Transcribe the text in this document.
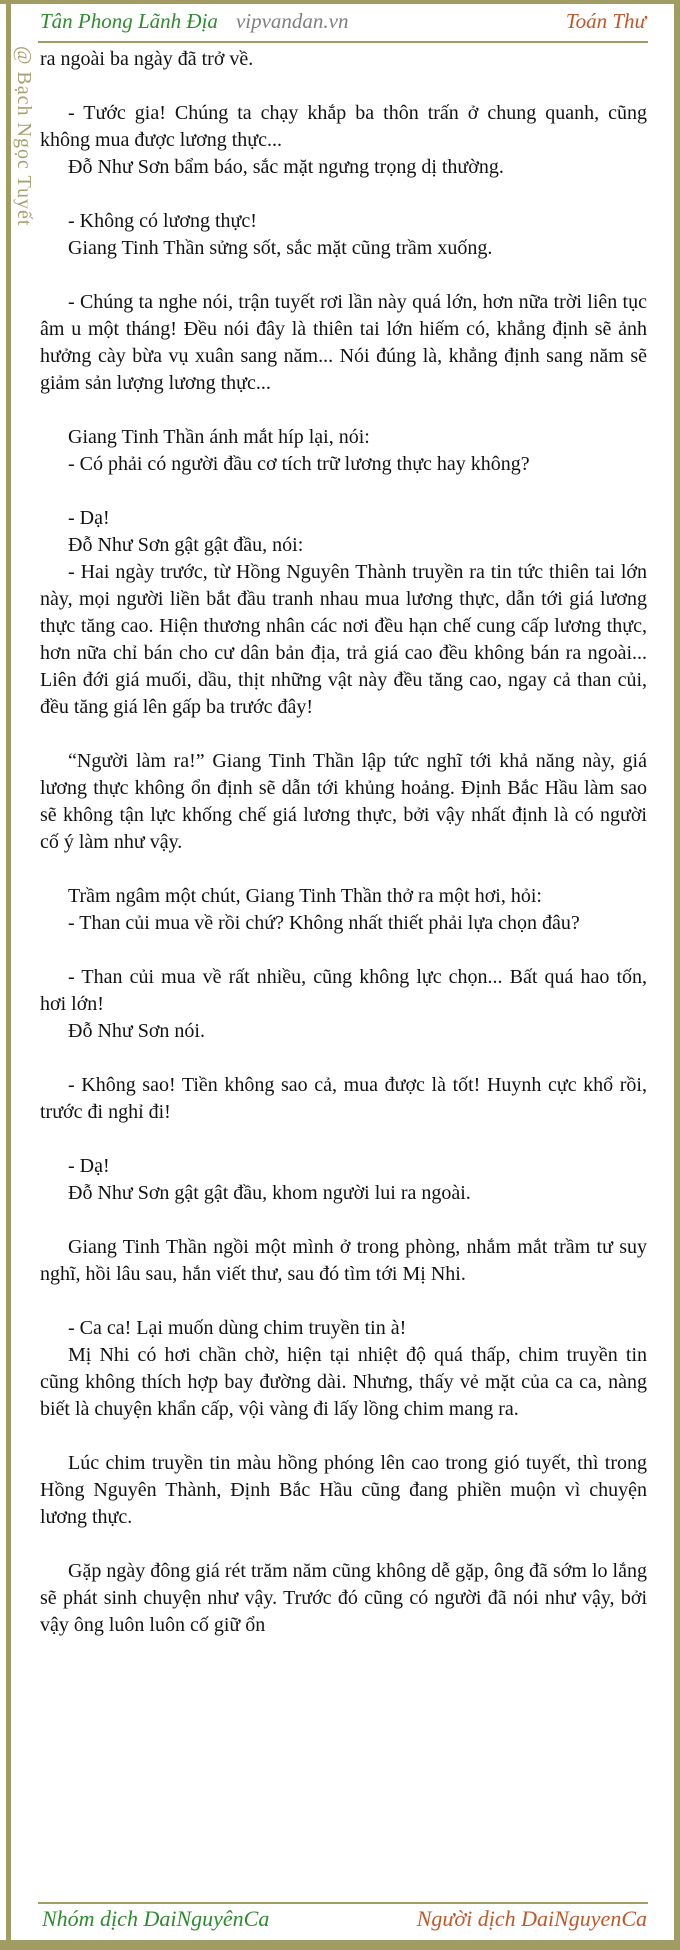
Tân Phong Lãnh Địa vipvandan.vn	Toán Thư
@ Bạch Ngọc Tuyết ra ngoài ba ngày đã trở về.

- Tước gia! Chúng ta chạy khắp ba thôn trấn ở chung quanh, cũng không mua được lương thực...

Đỗ Như Sơn bẩm báo, sắc mặt ngưng trọng dị thường.

- Không có lương thực!

Giang Tinh Thần sửng sốt, sắc mặt cũng trầm xuống.

- Chúng ta nghe nói, trận tuyết rơi lần này quá lớn, hơn nữa trời liên tục âm u một tháng! Đều nói đây là thiên tai lớn hiếm có, khẳng định sẽ ảnh hưởng cày bừa vụ xuân sang năm... Nói đúng là, khẳng định sang năm sẽ giảm sản lượng lương thực...

Giang Tinh Thần ánh mắt híp lại, nói:

- Có phải có người đầu cơ tích trữ lương thực hay không?

- Dạ!

Đỗ Như Sơn gật gật đầu, nói:

- Hai ngày trước, từ Hồng Nguyên Thành truyền ra tin tức thiên tai lớn này, mọi người liền bắt đầu tranh nhau mua lương thực, dẫn tới giá lương thực tăng cao. Hiện thương nhân các nơi đều hạn chế cung cấp lương thực, hơn nữa chỉ bán cho cư dân bản địa, trả giá cao đều không bán ra ngoài... Liên đới giá muối, dầu, thịt những vật này đều tăng cao, ngay cả than củi, đều tăng giá lên gấp ba trước đây!

“Người làm ra!” Giang Tinh Thần lập tức nghĩ tới khả năng này, giá lương thực không ổn định sẽ dẫn tới khủng hoảng. Định Bắc Hầu làm sao sẽ không tận lực khống chế giá lương thực, bởi vậy nhất định là có người cố ý làm như vậy.

Trầm ngâm một chút, Giang Tinh Thần thở ra một hơi, hỏi:

- Than củi mua về rồi chứ? Không nhất thiết phải lựa chọn đâu?

- Than củi mua về rất nhiều, cũng không lực chọn... Bất quá hao tốn, hơi lớn!

Đỗ Như Sơn nói.

- Không sao! Tiền không sao cả, mua được là tốt! Huynh cực khổ rồi, trước đi nghỉ đi!

- Dạ!

Đỗ Như Sơn gật gật đầu, khom người lui ra ngoài.

Giang Tinh Thần ngồi một mình ở trong phòng, nhắm mắt trầm tư suy nghĩ, hồi lâu sau, hắn viết thư, sau đó tìm tới Mị Nhi.

- Ca ca! Lại muốn dùng chim truyền tin à!

Mị Nhi có hơi chần chờ, hiện tại nhiệt độ quá thấp, chim truyền tin cũng không thích hợp bay đường dài. Nhưng, thấy vẻ mặt của ca ca, nàng biết là chuyện khẩn cấp, vội vàng đi lấy lồng chim mang ra.

Lúc chim truyền tin màu hồng phóng lên cao trong gió tuyết, thì trong Hồng Nguyên Thành, Định Bắc Hầu cũng đang phiền muộn vì chuyện lương thực.

Gặp ngày đông giá rét trăm năm cũng không dễ gặp, ông đã sớm lo lắng sẽ phát sinh chuyện như vậy. Trước đó cũng có người đã nói như vậy, bởi vậy ông luôn luôn cố giữ ổn

Nhóm dịch DaiNguyênCa	Người dịch DaiNguyenCa
